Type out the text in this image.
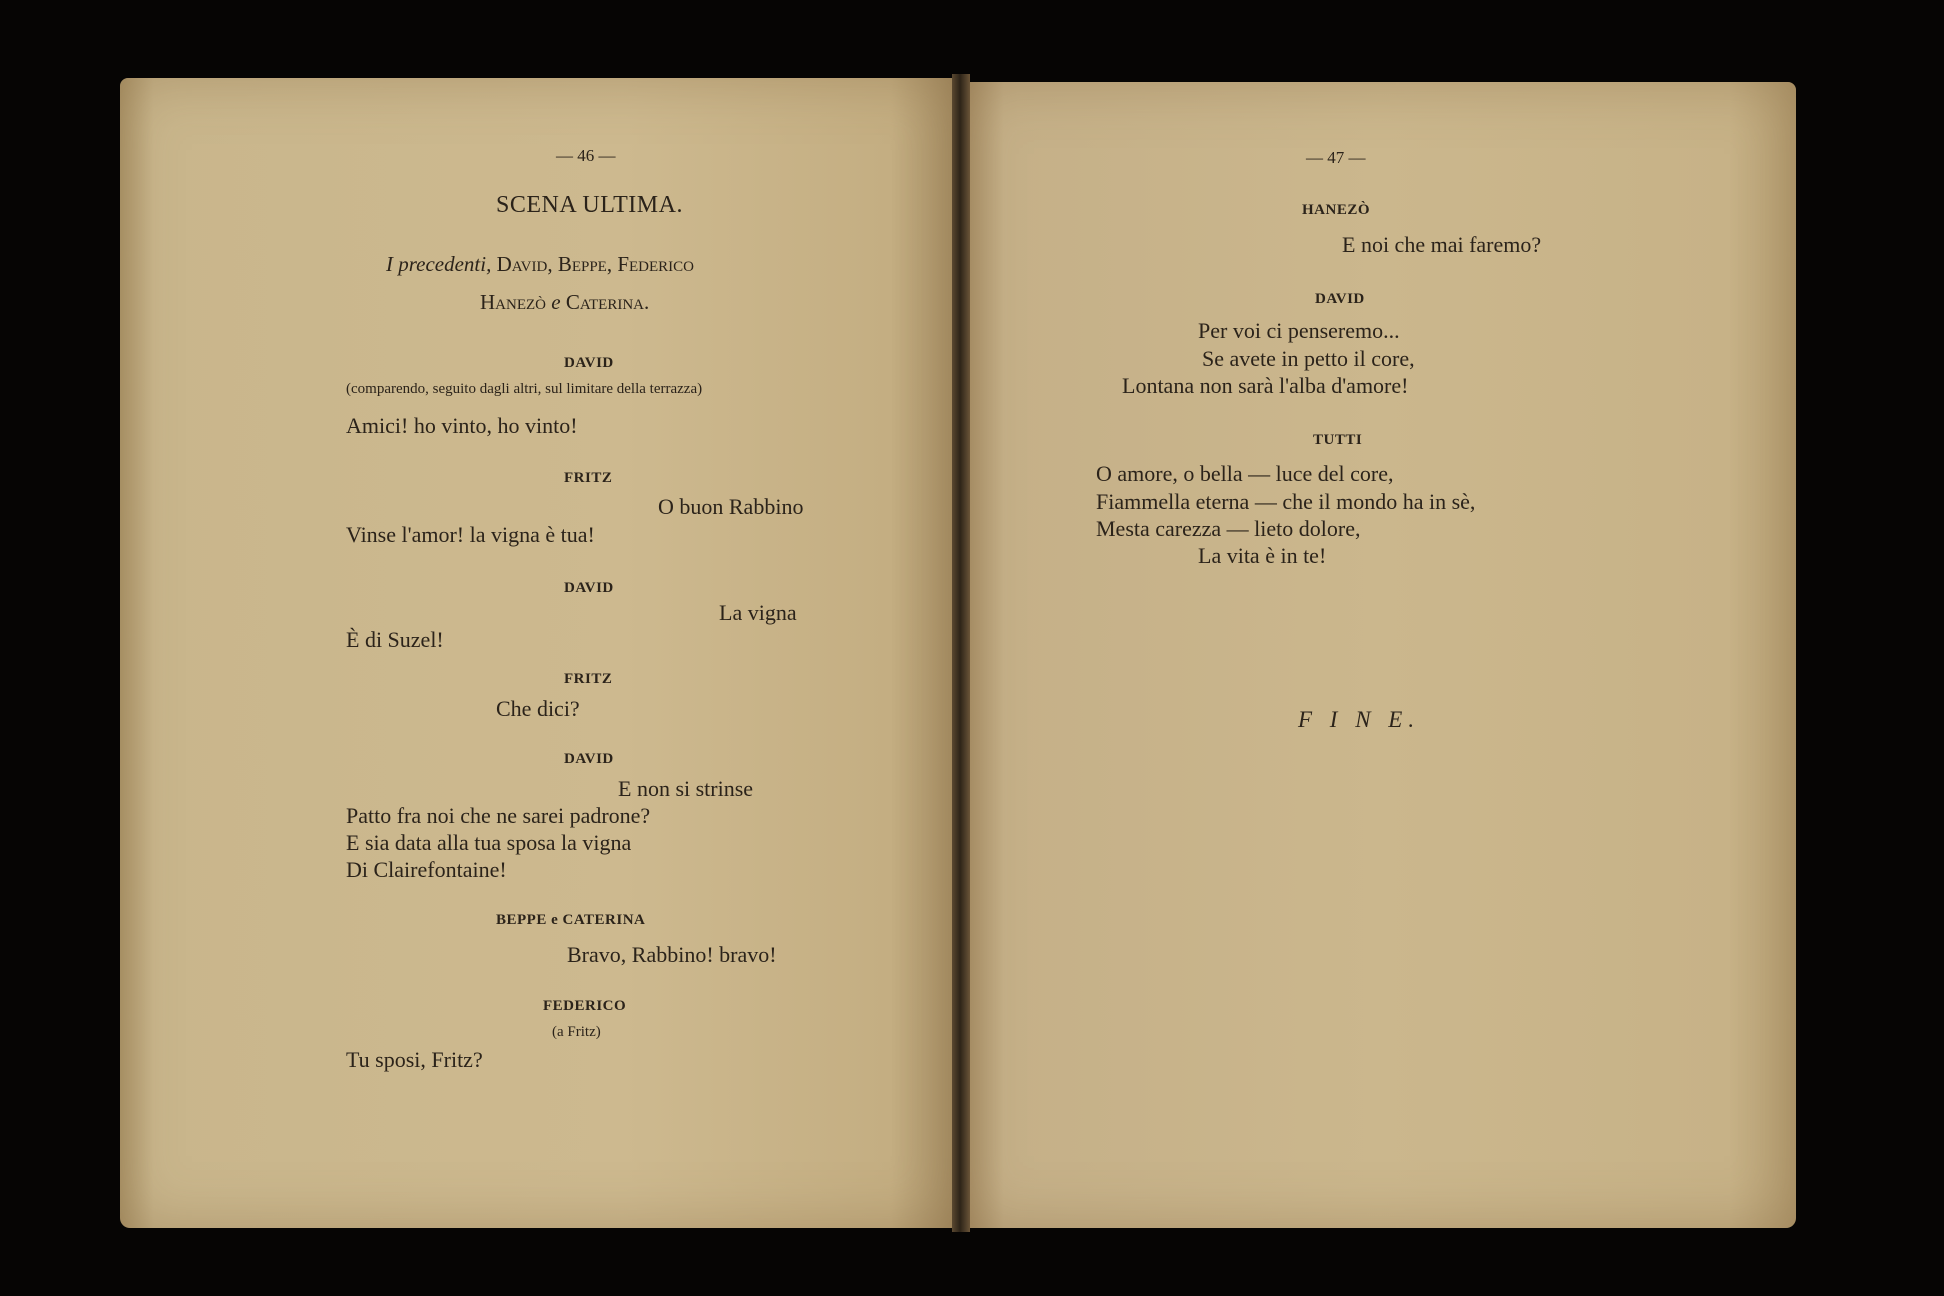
— 46 —

SCENA ULTIMA.

I precedenti, David, Beppe, Federico

Hanezò e Caterina.

DAVID

(comparendo, seguito dagli altri, sul limitare della terrazza)

Amici! ho vinto, ho vinto!

FRITZ

O buon Rabbino

Vinse l'amor! la vigna è tua!

DAVID

La vigna

È di Suzel!

FRITZ

Che dici?

DAVID

E non si strinse

Patto fra noi che ne sarei padrone?

E sia data alla tua sposa la vigna

Di Clairefontaine!

BEPPE e CATERINA

Bravo, Rabbino! bravo!

FEDERICO

(a Fritz)

Tu sposi, Fritz?

— 47 —

HANEZÒ

E noi che mai faremo?

DAVID

Per voi ci penseremo...

Se avete in petto il core,

Lontana non sarà l'alba d'amore!

TUTTI

O amore, o bella — luce del core,

Fiammella eterna — che il mondo ha in sè,

Mesta carezza — lieto dolore,

La vita è in te!

F I N E.
